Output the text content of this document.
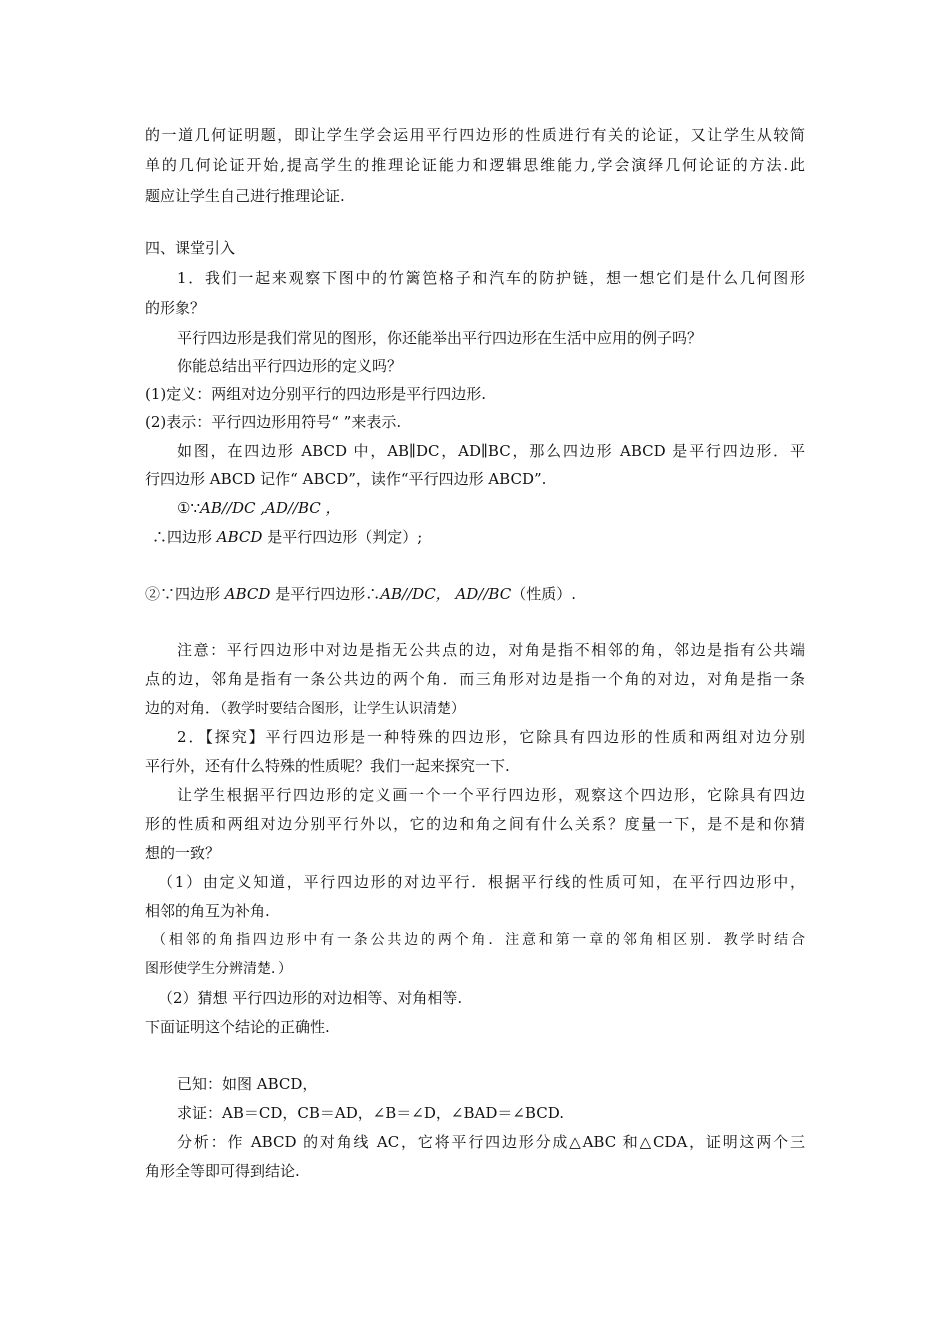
的一道几何证明题，即让学生学会运用平行四边形的性质进行有关的论证，又让学生从较简
单的几何论证开始,提高学生的推理论证能力和逻辑思维能力,学会演绎几何论证的方法.此
题应让学生自己进行推理论证.
四、课堂引入
1．我们一起来观察下图中的竹篱笆格子和汽车的防护链，想一想它们是什么几何图形
的形象？
平行四边形是我们常见的图形，你还能举出平行四边形在生活中应用的例子吗？
你能总结出平行四边形的定义吗？
(1)定义：两组对边分别平行的四边形是平行四边形.
(2)表示：平行四边形用符号“ ”来表示.
如图，在四边形 ABCD 中，AB∥DC，AD∥BC，那么四边形 ABCD 是平行四边形．平
行四边形 ABCD 记作“ ABCD”，读作“平行四边形 ABCD”.
①∵AB//DC ,AD//BC ，
∴四边形 ABCD 是平行四边形（判定）;
②∵四边形 ABCD 是平行四边形∴AB//DC， AD//BC（性质）.
注意：平行四边形中对边是指无公共点的边，对角是指不相邻的角，邻边是指有公共端
点的边，邻角是指有一条公共边的两个角．而三角形对边是指一个角的对边，对角是指一条
边的对角．（教学时要结合图形，让学生认识清楚）
2．【探究】平行四边形是一种特殊的四边形，它除具有四边形的性质和两组对边分别
平行外，还有什么特殊的性质呢？我们一起来探究一下.
让学生根据平行四边形的定义画一个一个平行四边形，观察这个四边形，它除具有四边
形的性质和两组对边分别平行外以，它的边和角之间有什么关系？度量一下，是不是和你猜
想的一致？
（1）由定义知道，平行四边形的对边平行．根据平行线的性质可知，在平行四边形中，
相邻的角互为补角.
（相邻的角指四边形中有一条公共边的两个角．注意和第一章的邻角相区别．教学时结合
图形使学生分辨清楚．）
（2）猜想 平行四边形的对边相等、对角相等.
下面证明这个结论的正确性.
已知：如图 ABCD，
求证：AB＝CD，CB＝AD，∠B＝∠D，∠BAD＝∠BCD.
分析：作 ABCD 的对角线 AC，它将平行四边形分成△ABC 和△CDA，证明这两个三
角形全等即可得到结论.
